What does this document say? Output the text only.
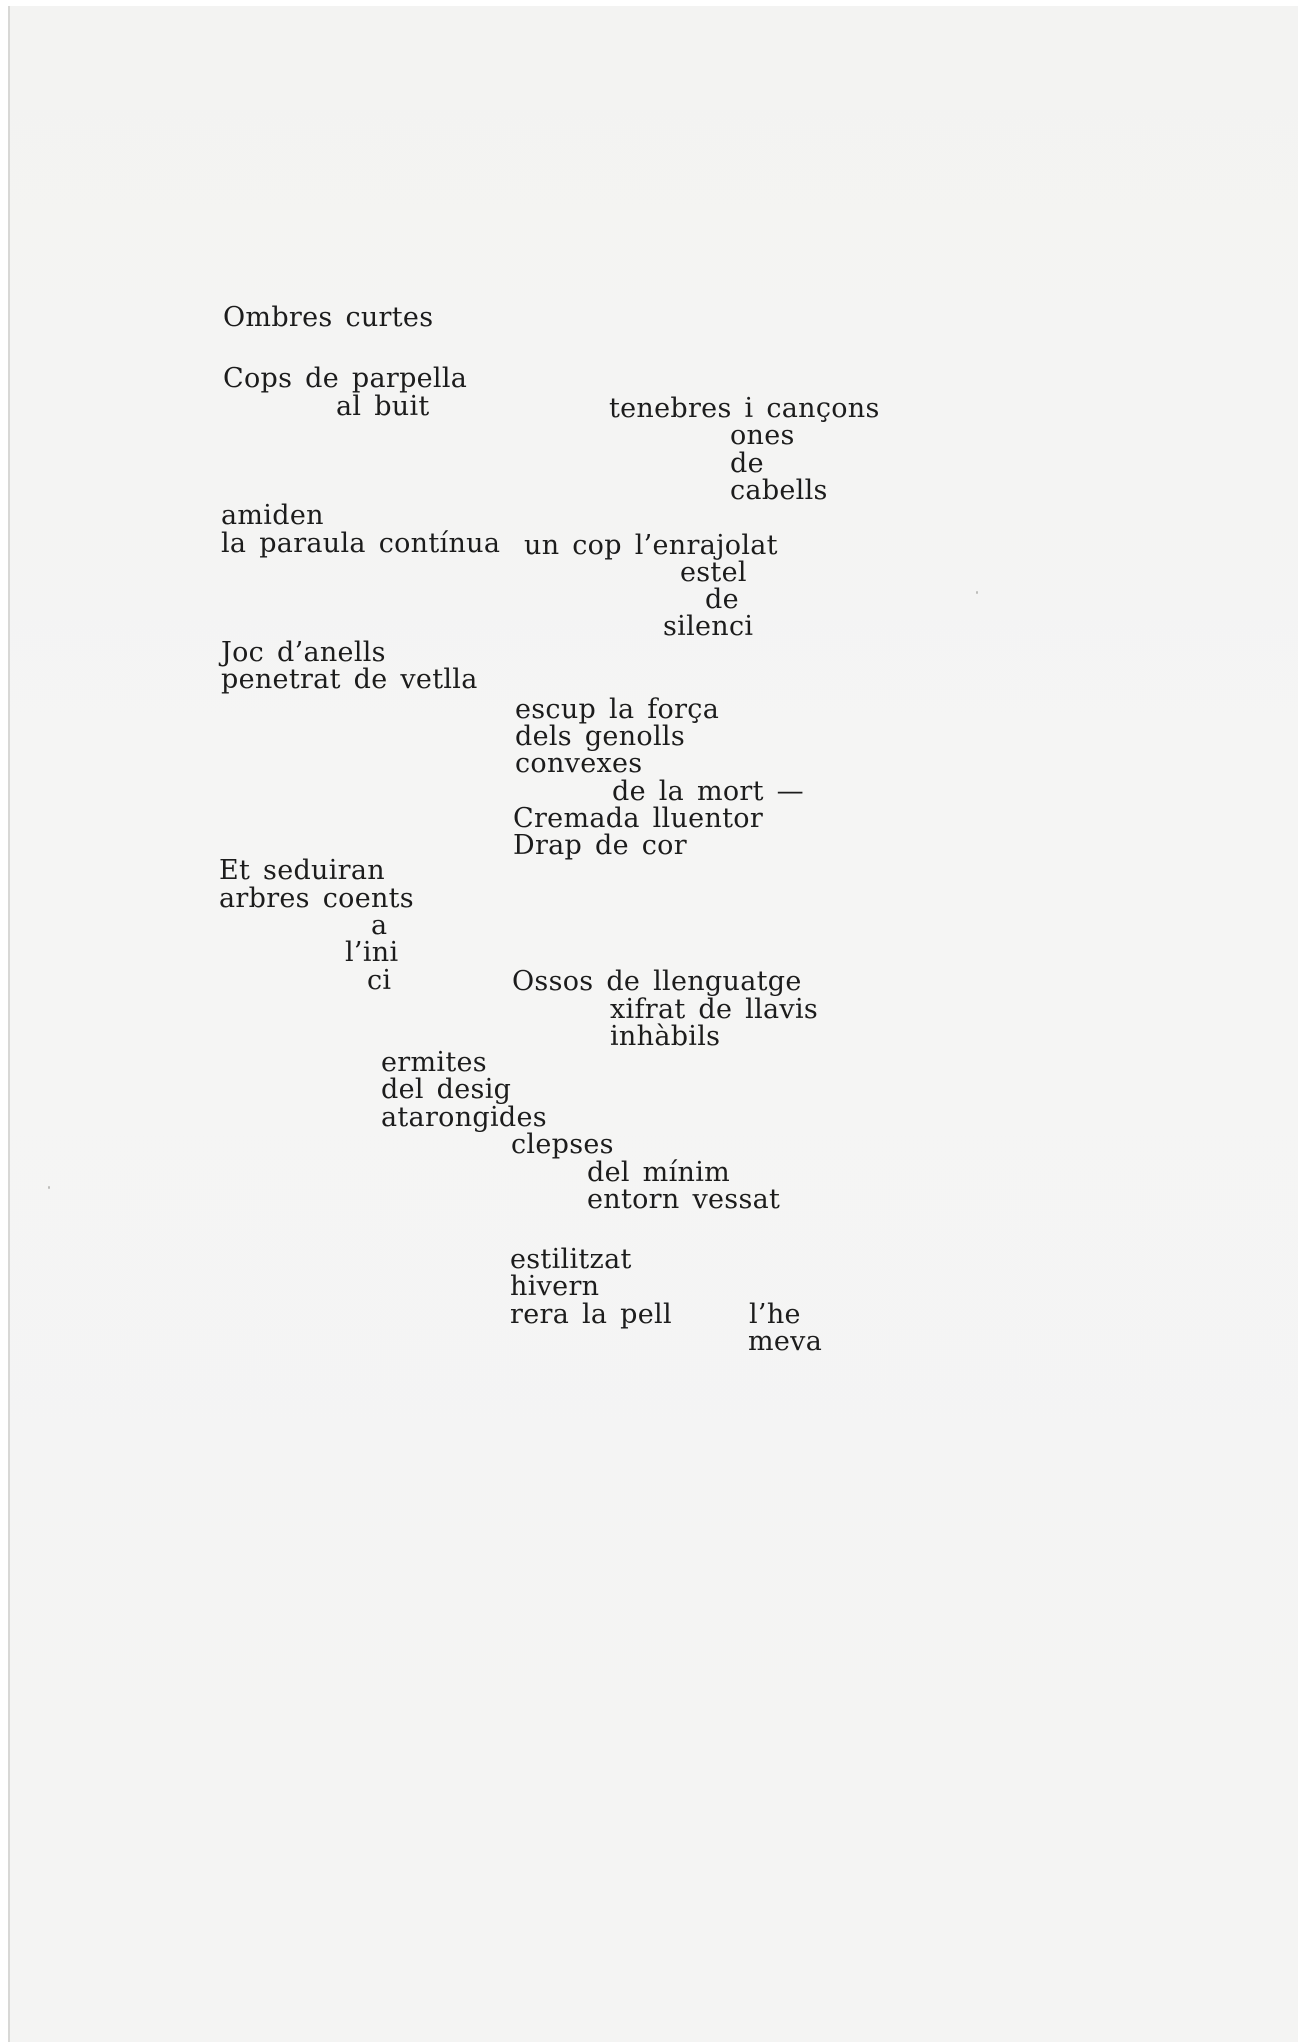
Ombres curtes

Cops de parpella

al buit	tenebres i cançons

ones

de

cabells

amiden

la paraula contínua un cop l’enrajolat

estel

de

silenci

Joc d’anells

penetrat de vetlla

escup la força

dels genolls

convexes

de la mort —

Cremada lluentor

Drap de cor

Et seduiran

arbres coents

a

l’ini

ci	Ossos de llenguatge

xifrat de llavis

inhàbils

ermites

del desig

atarongides

clepses

del mínim

entorn vessat

estilitzat

hivern

rera la pell	l’he

meva
